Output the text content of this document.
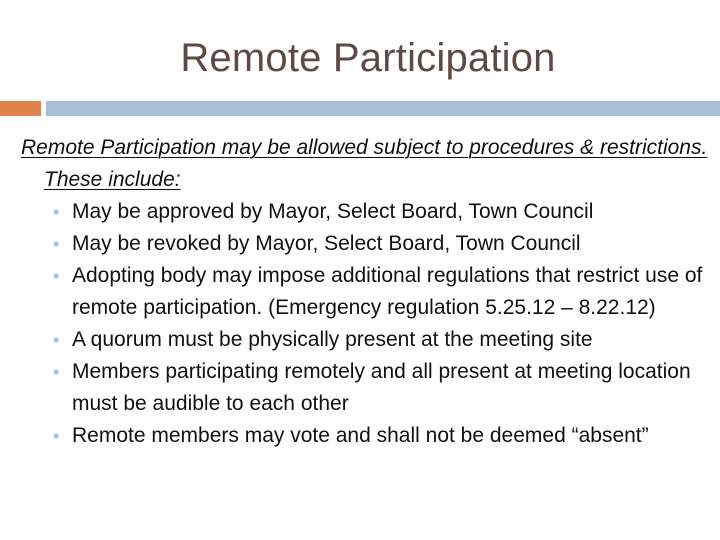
Remote Participation
Remote Participation may be allowed subject to procedures & restrictions. These include:
• May be approved by Mayor, Select Board, Town Council
• May be revoked by Mayor, Select Board, Town Council
• Adopting body may impose additional regulations that restrict use of remote participation. (Emergency regulation 5.25.12 – 8.22.12)
• A quorum must be physically present at the meeting site
• Members participating remotely and all present at meeting location must be audible to each other
• Remote members may vote and shall not be deemed “absent”
